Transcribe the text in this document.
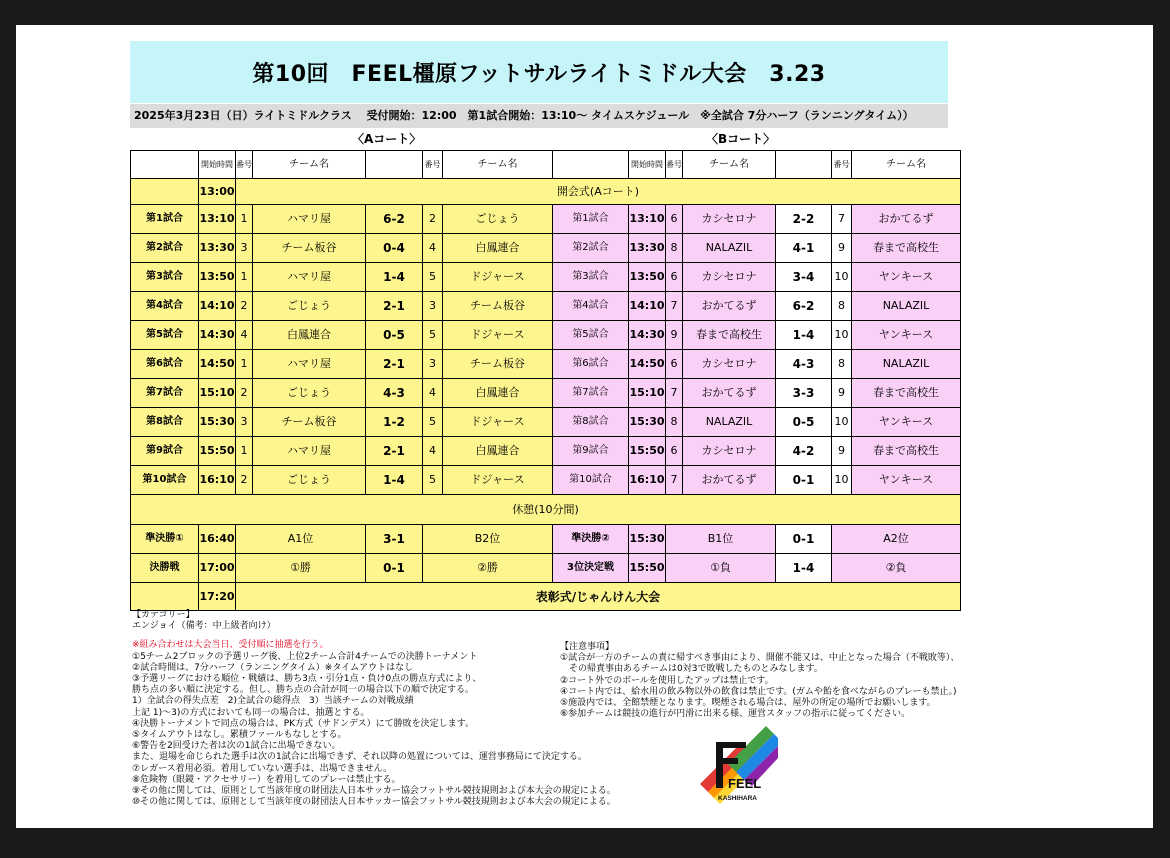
第10回　FEEL橿原フットサルライトミドル大会　3.23
2025年3月23日（日）ライトミドルクラス　 受付開始：12:00　第1試合開始：13:10～ タイムスケジュール　※全試合 7分ハーフ（ランニングタイム））
〈Aコート〉	〈Bコート〉
	開始時間	番号	チーム名		番号	チーム名		開始時間	番号	チーム名		番号	チーム名
	13:00	開会式(Aコート)											
第1試合	13:10	1	ハマリ屋	6-2	2	ごじょう	第1試合	13:10	6	カシセロナ	2-2	7	おかてるず
第2試合	13:30	3	チーム板谷	0-4	4	白鳳連合	第2試合	13:30	8	NALAZIL	4-1	9	春まで高校生
第3試合	13:50	1	ハマリ屋	1-4	5	ドジャース	第3試合	13:50	6	カシセロナ	3-4	10	ヤンキース
第4試合	14:10	2	ごじょう	2-1	3	チーム板谷	第4試合	14:10	7	おかてるず	6-2	8	NALAZIL
第5試合	14:30	4	白鳳連合	0-5	5	ドジャース	第5試合	14:30	9	春まで高校生	1-4	10	ヤンキース
第6試合	14:50	1	ハマリ屋	2-1	3	チーム板谷	第6試合	14:50	6	カシセロナ	4-3	8	NALAZIL
第7試合	15:10	2	ごじょう	4-3	4	白鳳連合	第7試合	15:10	7	おかてるず	3-3	9	春まで高校生
第8試合	15:30	3	チーム板谷	1-2	5	ドジャース	第8試合	15:30	8	NALAZIL	0-5	10	ヤンキース
第9試合	15:50	1	ハマリ屋	2-1	4	白鳳連合	第9試合	15:50	6	カシセロナ	4-2	9	春まで高校生
第10試合	16:10	2	ごじょう	1-4	5	ドジャース	第10試合	16:10	7	おかてるず	0-1	10	ヤンキース
休憩(10分間)													
準決勝①	16:40	A1位		3-1	B2位		準決勝②	15:30	B1位		0-1	A2位	
決勝戦	17:00	①勝		0-1	②勝		3位決定戦	15:50	①負		1-4	②負	
	17:20	表彰式/じゃんけん大会											
【カテゴリー】
エンジョイ（備考：中上級者向け）
※組み合わせは大会当日、受付順に抽選を行う。
①5チーム2ブロックの予選リーグ後、上位2チーム合計4チームでの決勝トーナメント
②試合時間は、7分ハーフ（ランニングタイム）※タイムアウトはなし
③予選リーグにおける順位・戦績は、勝ち3点・引分1点・負け0点の勝点方式により、
勝ち点の多い順に決定する。但し、勝ち点の合計が同一の場合以下の順で決定する。
1）全試合の得失点差　2)全試合の総得点　3）当該チームの対戦成績
上記 1)～3)の方式においても同一の場合は、抽選とする。
④決勝トーナメントで同点の場合は、PK方式（サドンデス）にて勝敗を決定します。
⑤タイムアウトはなし。累積ファールもなしとする。
⑥警告を2回受けた者は次の1試合に出場できない。
また、退場を命じられた選手は次の1試合に出場できず、それ以降の処置については、運営事務局にて決定する。
⑦レガース着用必須。着用していない選手は、出場できません。
⑧危険物（眼鏡・アクセサリー）を着用してのプレーは禁止する。
⑨その他に関しては、原則として当該年度の財団法人日本サッカー協会フットサル競技規則および本大会の規定による。
⑩その他に関しては、原則として当該年度の財団法人日本サッカー協会フットサル競技規則および本大会の規定による。
【注意事項】
①試合が一方のチームの責に帰すべき事由により、開催不能又は、中止となった場合（不戦敗等）、
　その帰責事由あるチームは0対3で敗戦したものとみなします。
②コート外でのボールを使用したアップは禁止です。
④コート内では、給水用の飲み物以外の飲食は禁止です。(ガムや飴を食べながらのプレーも禁止。)
⑤施設内では、全館禁煙となります。喫煙される場合は、屋外の所定の場所でお願いします。
⑥参加チームは競技の進行が円滑に出来る様、運営スタッフの指示に従ってください。
FEEL
KASHIHARA
